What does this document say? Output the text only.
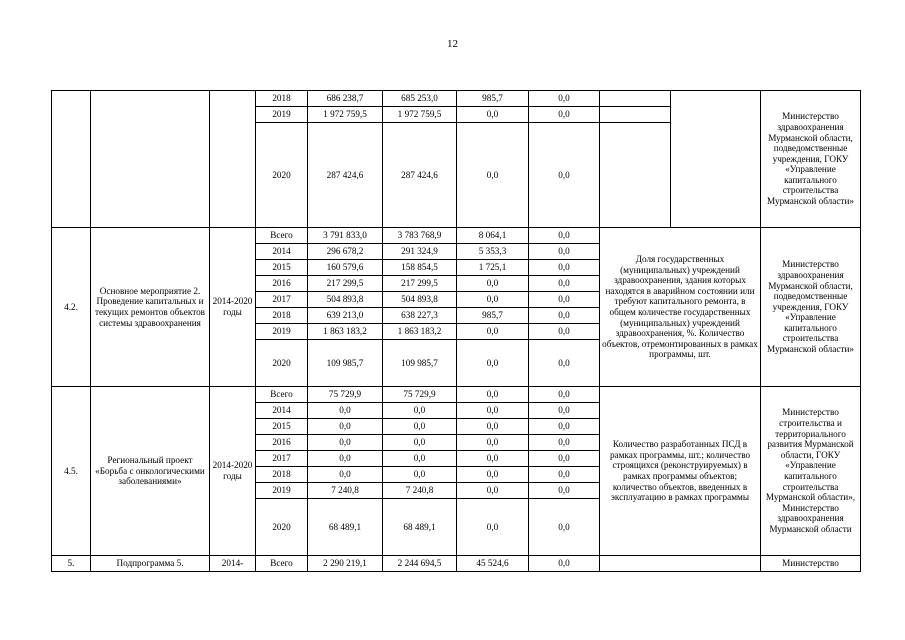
12
			2018	686 238,7	685 253,0	985,7	0,0			Министерство здравоохранения Мурманской области, подведомственные учреждения, ГОКУ «Управление капитального строительства Мурманской области»
			2019	1 972 759,5	1 972 759,5	0,0	0,0			
			2020	287 424,6	287 424,6	0,0	0,0			
4.2.	Основное мероприятие 2. Проведение капитальных и текущих ремонтов объектов системы здравоохранения	2014-2020 годы	Всего	3 791 833,0	3 783 768,9	8 064,1	0,0	Доля государственных (муниципальных) учреждений здравоохранения, здания которых находятся в аварийном состоянии или требуют капитального ремонта, в общем количестве государственных (муниципальных) учреждений здравоохранения, %. Количество объектов, отремонтированных в рамках программы, шт.		Министерство здравоохранения Мурманской области, подведомственные учреждения, ГОКУ «Управление капитального строительства Мурманской области»
			2014	296 678,2	291 324,9	5 353,3	0,0			
			2015	160 579,6	158 854,5	1 725,1	0,0			
			2016	217 299,5	217 299,5	0,0	0,0			
			2017	504 893,8	504 893,8	0,0	0,0			
			2018	639 213,0	638 227,3	985,7	0,0			
			2019	1 863 183,2	1 863 183,2	0,0	0,0			
			2020	109 985,7	109 985,7	0,0	0,0			
4.5.	Региональный проект «Борьба с онкологическими заболеваниями»	2014-2020 годы	Всего	75 729,9	75 729,9	0,0	0,0	Количество разработанных ПСД в рамках программы, шт.; количество строящихся (реконструируемых) в рамках программы объектов; количество объектов, введенных в эксплуатацию в рамках программы		Министерство строительства и территориального развития Мурманской области, ГОКУ «Управление капитального строительства Мурманской области», Министерство здравоохранения Мурманской области
			2014	0,0	0,0	0,0	0,0			
			2015	0,0	0,0	0,0	0,0			
			2016	0,0	0,0	0,0	0,0			
			2017	0,0	0,0	0,0	0,0			
			2018	0,0	0,0	0,0	0,0			
			2019	7 240,8	7 240,8	0,0	0,0			
			2020	68 489,1	68 489,1	0,0	0,0			
5.	Подпрограмма 5.	2014-	Всего	2 290 219,1	2 244 694,5	45 524,6	0,0			Министерство
